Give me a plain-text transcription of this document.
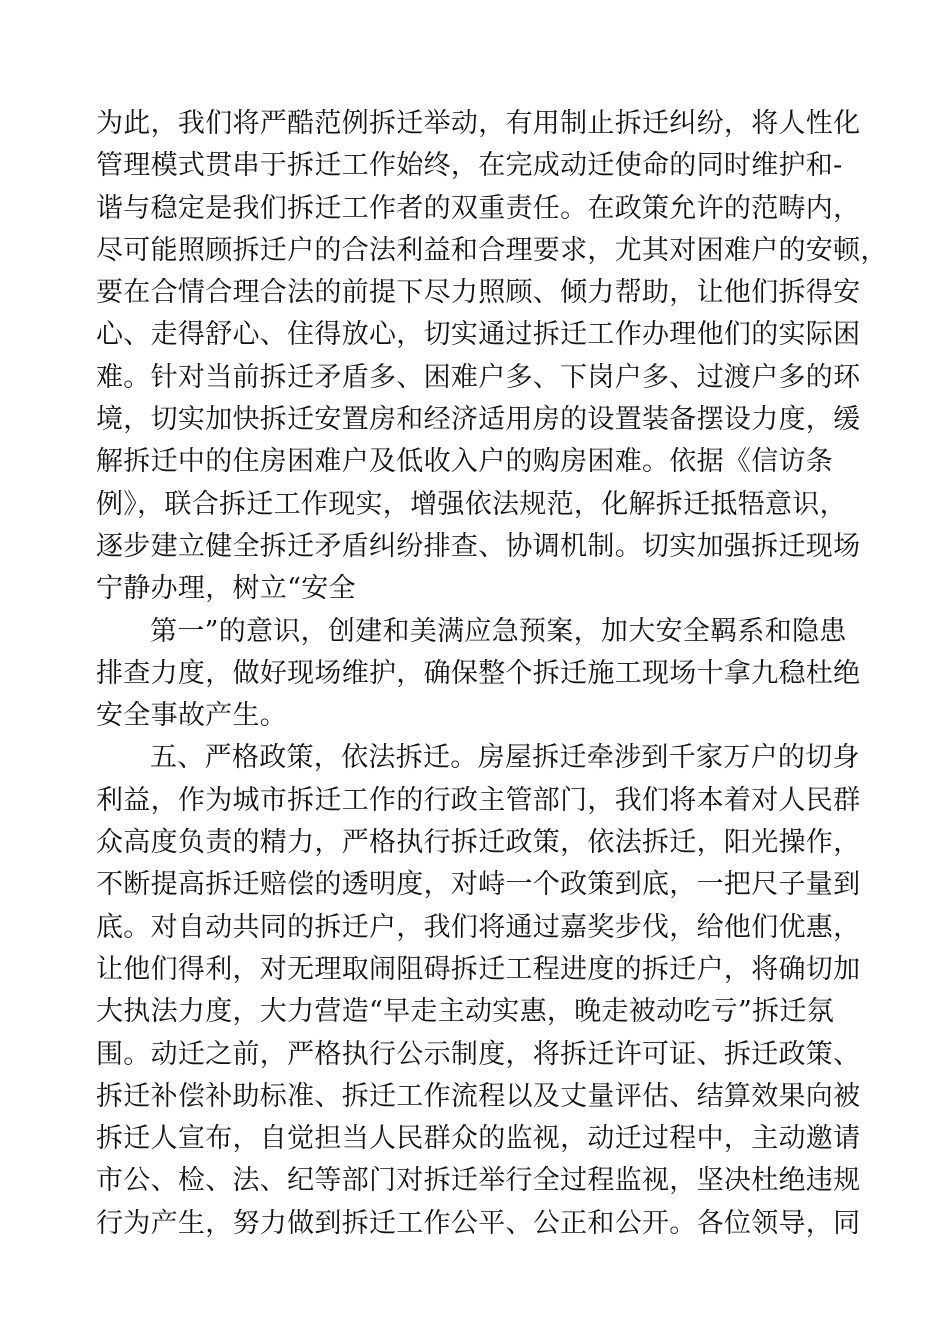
为此，我们将严酷范例拆迁举动，有用制止拆迁纠纷，将人性化
管理模式贯串于拆迁工作始终，在完成动迁使命的同时维护和-
谐与稳定是我们拆迁工作者的双重责任。在政策允许的范畴内，
尽可能照顾拆迁户的合法利益和合理要求，尤其对困难户的安顿，
要在合情合理合法的前提下尽力照顾、倾力帮助，让他们拆得安
心、走得舒心、住得放心，切实通过拆迁工作办理他们的实际困
难。针对当前拆迁矛盾多、困难户多、下岗户多、过渡户多的环
境，切实加快拆迁安置房和经济适用房的设置装备摆设力度，缓
解拆迁中的住房困难户及低收入户的购房困难。依据《信访条
例》，联合拆迁工作现实，增强依法规范，化解拆迁抵牾意识，
逐步建立健全拆迁矛盾纠纷排查、协调机制。切实加强拆迁现场
宁静办理，树立“安全
第一”的意识，创建和美满应急预案，加大安全羁系和隐患
排查力度，做好现场维护，确保整个拆迁施工现场十拿九稳杜绝
安全事故产生。
五、严格政策，依法拆迁。房屋拆迁牵涉到千家万户的切身
利益，作为城市拆迁工作的行政主管部门，我们将本着对人民群
众高度负责的精力，严格执行拆迁政策，依法拆迁，阳光操作，
不断提高拆迁赔偿的透明度，对峙一个政策到底，一把尺子量到
底。对自动共同的拆迁户，我们将通过嘉奖步伐，给他们优惠，
让他们得利，对无理取闹阻碍拆迁工程进度的拆迁户，将确切加
大执法力度，大力营造“早走主动实惠，晚走被动吃亏”拆迁氛
围。动迁之前，严格执行公示制度，将拆迁许可证、拆迁政策、
拆迁补偿补助标准、拆迁工作流程以及丈量评估、结算效果向被
拆迁人宣布，自觉担当人民群众的监视，动迁过程中，主动邀请
市公、检、法、纪等部门对拆迁举行全过程监视，坚决杜绝违规
行为产生，努力做到拆迁工作公平、公正和公开。各位领导，同
